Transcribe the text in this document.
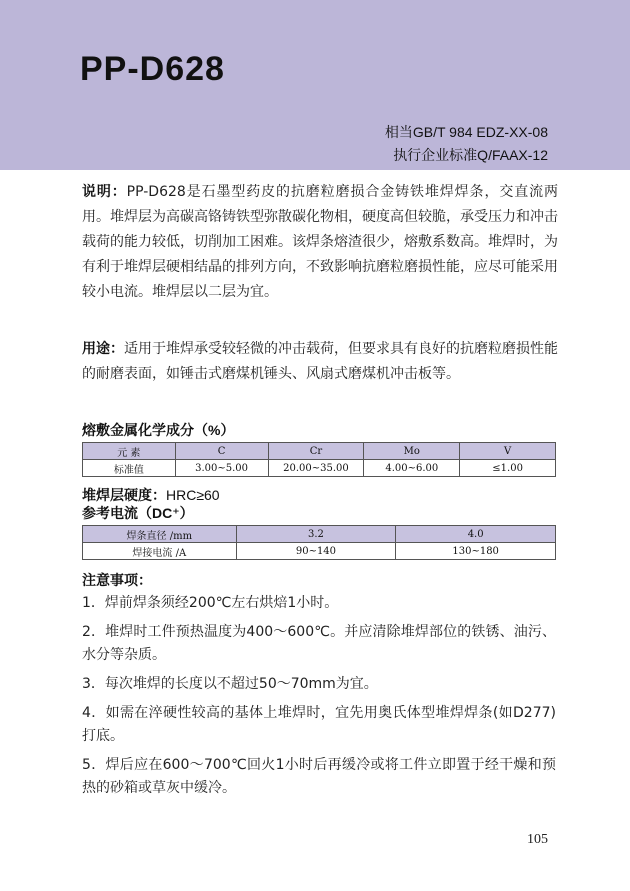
PP-D628
相当GB/T 984 EDZ-XX-08
执行企业标准Q/FAAX-12
说明：PP-D628是石墨型药皮的抗磨粒磨损合金铸铁堆焊焊条，交直流两用。堆焊层为高碳高铬铸铁型弥散碳化物相，硬度高但较脆，承受压力和冲击载荷的能力较低，切削加工困难。该焊条熔渣很少，熔敷系数高。堆焊时，为有利于堆焊层硬相结晶的排列方向，不致影响抗磨粒磨损性能，应尽可能采用较小电流。堆焊层以二层为宜。
用途：适用于堆焊承受较轻微的冲击载荷，但要求具有良好的抗磨粒磨损性能的耐磨表面，如锤击式磨煤机锤头、风扇式磨煤机冲击板等。
熔敷金属化学成分（%）
元 素	C	Cr	Mo	V
标准值	3.00~5.00	20.00~35.00	4.00~6.00	≤1.00
堆焊层硬度：HRC≥60
参考电流（DC⁺）
焊条直径 /mm	3.2	4.0
焊接电流 /A	90~140	130~180
注意事项：
1．焊前焊条须经200℃左右烘焙1小时。
2．堆焊时工件预热温度为400～600℃。并应清除堆焊部位的铁锈、油污、水分等杂质。
3．每次堆焊的长度以不超过50～70mm为宜。
4．如需在淬硬性较高的基体上堆焊时，宜先用奥氏体型堆焊焊条(如D277)打底。
5．焊后应在600～700℃回火1小时后再缓冷或将工件立即置于经干燥和预热的砂箱或草灰中缓冷。
105
